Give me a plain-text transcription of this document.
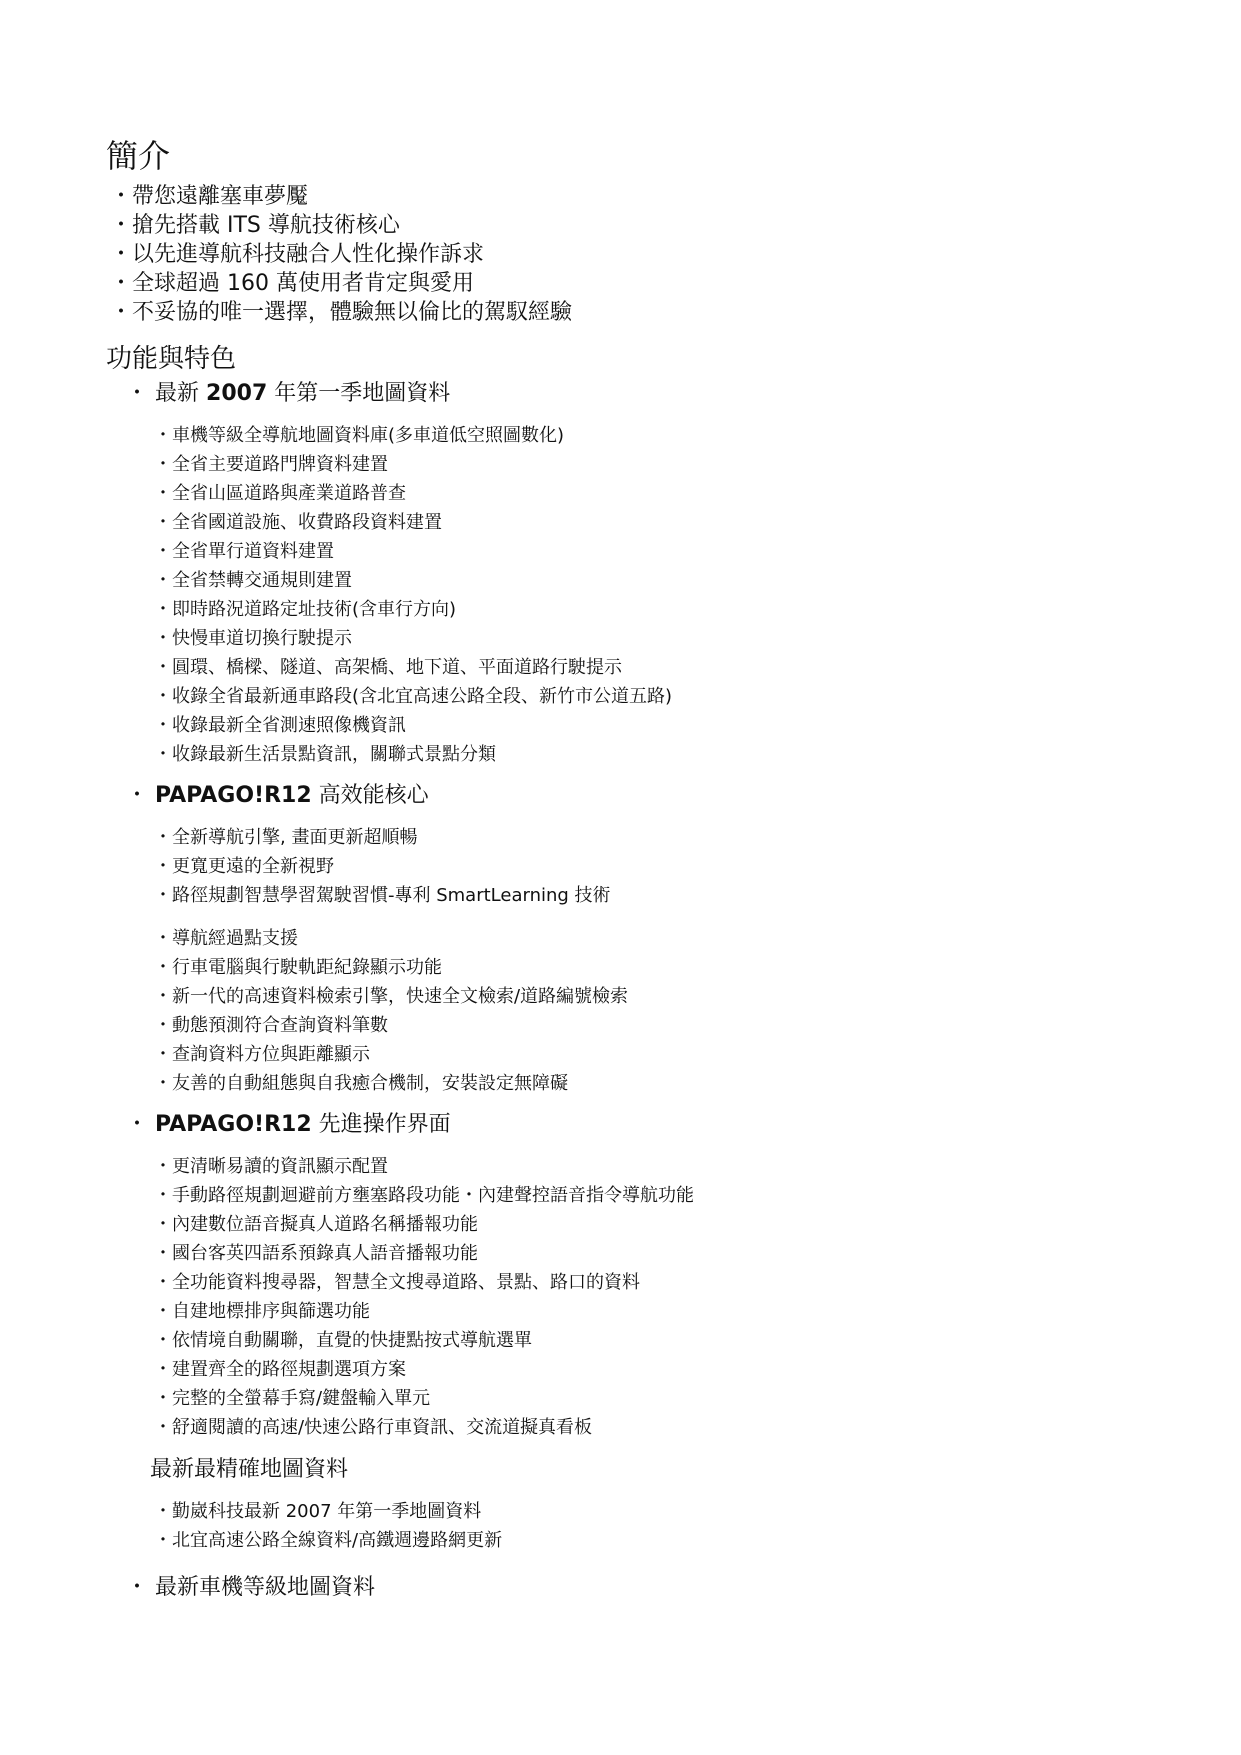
簡介
・帶您遠離塞車夢魘
・搶先搭載 ITS 導航技術核心
・以先進導航科技融合人性化操作訴求
・全球超過 160 萬使用者肯定與愛用
・不妥協的唯一選擇，體驗無以倫比的駕馭經驗
功能與特色
・ 最新 2007 年第一季地圖資料
・車機等級全導航地圖資料庫(多車道低空照圖數化)
・全省主要道路門牌資料建置
・全省山區道路與產業道路普查
・全省國道設施、收費路段資料建置
・全省單行道資料建置
・全省禁轉交通規則建置
・即時路況道路定址技術(含車行方向)
・快慢車道切換行駛提示
・圓環、橋樑、隧道、高架橋、地下道、平面道路行駛提示
・收錄全省最新通車路段(含北宜高速公路全段、新竹市公道五路)
・收錄最新全省測速照像機資訊
・收錄最新生活景點資訊，關聯式景點分類
・ PAPAGO!R12 高效能核心
・全新導航引擎, 畫面更新超順暢
・更寬更遠的全新視野
・路徑規劃智慧學習駕駛習慣-專利 SmartLearning 技術
・導航經過點支援
・行車電腦與行駛軌距紀錄顯示功能
・新一代的高速資料檢索引擎，快速全文檢索/道路編號檢索
・動態預測符合查詢資料筆數
・查詢資料方位與距離顯示
・友善的自動組態與自我癒合機制，安裝設定無障礙
・ PAPAGO!R12 先進操作界面
・更清晰易讀的資訊顯示配置
・手動路徑規劃迴避前方壅塞路段功能・內建聲控語音指令導航功能
・內建數位語音擬真人道路名稱播報功能
・國台客英四語系預錄真人語音播報功能
・全功能資料搜尋器，智慧全文搜尋道路、景點、路口的資料
・自建地標排序與篩選功能
・依情境自動關聯，直覺的快捷點按式導航選單
・建置齊全的路徑規劃選項方案
・完整的全螢幕手寫/鍵盤輸入單元
・舒適閱讀的高速/快速公路行車資訊、交流道擬真看板
最新最精確地圖資料
・勤崴科技最新 2007 年第一季地圖資料
・北宜高速公路全線資料/高鐵週邊路網更新
・ 最新車機等級地圖資料
